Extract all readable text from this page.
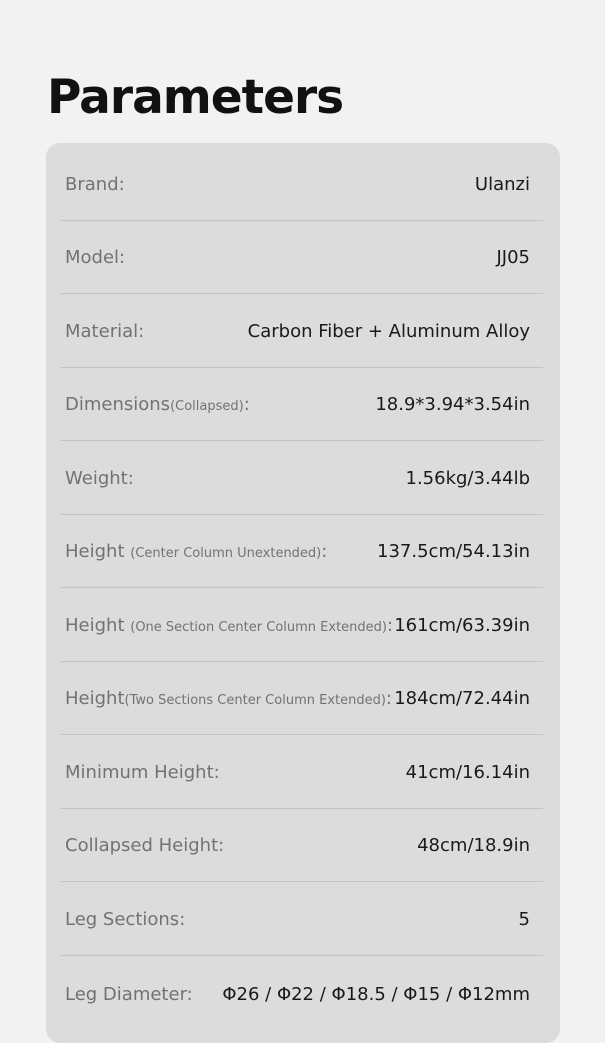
Parameters
Brand:	Ulanzi
Model:	JJ05
Material:	Carbon Fiber + Aluminum Alloy
Dimensions(Collapsed):	18.9*3.94*3.54in
Weight:	1.56kg/3.44lb
Height (Center Column Unextended):	137.5cm/54.13in
Height (One Section Center Column Extended): 161cm/63.39in
Height(Two Sections Center Column Extended): 184cm/72.44in
Minimum Height:	41cm/16.14in
Collapsed Height:	48cm/18.9in
Leg Sections:	5
Leg Diameter: Φ26 / Φ22 / Φ18.5 / Φ15 / Φ12mm
